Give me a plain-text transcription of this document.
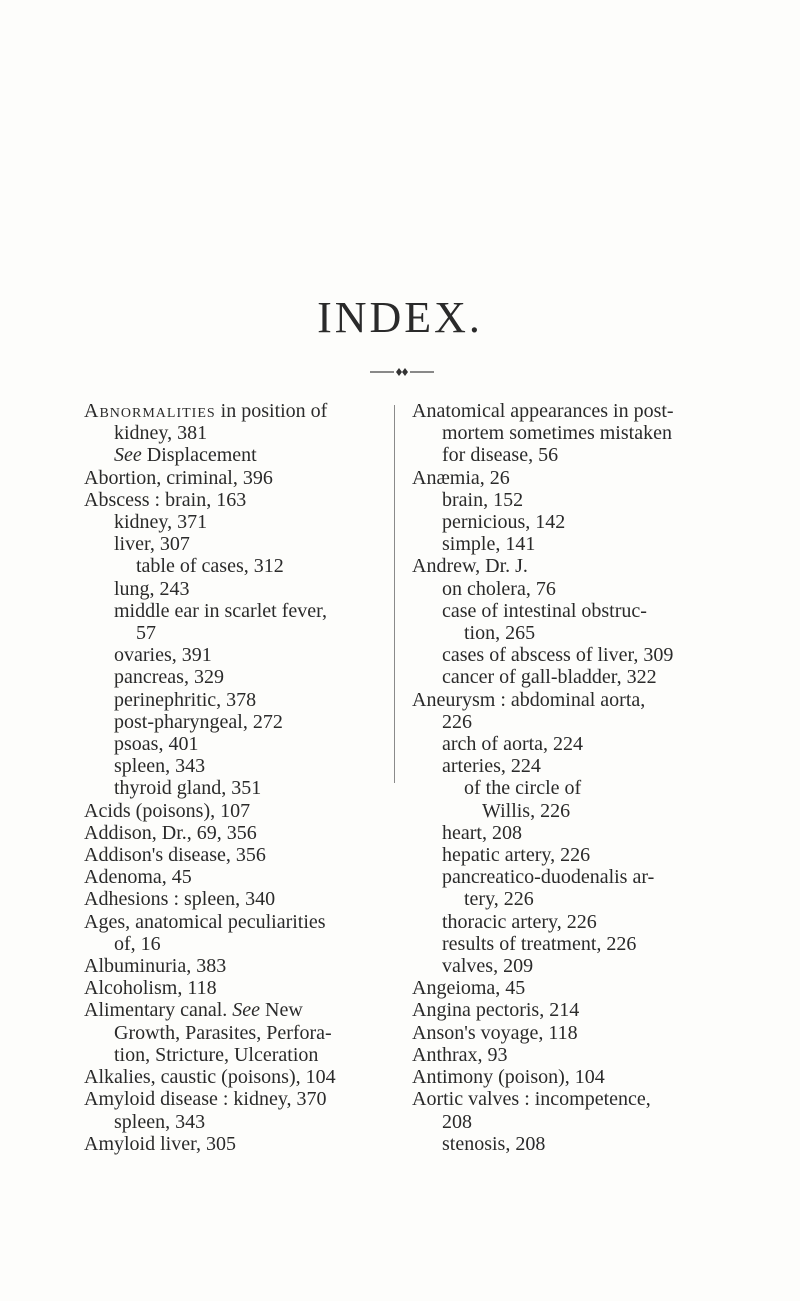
INDEX.
Abnormalities in position of
kidney, 381
See Displacement
Abortion, criminal, 396
Abscess : brain, 163
kidney, 371
liver, 307
table of cases, 312
lung, 243
middle ear in scarlet fever,
57
ovaries, 391
pancreas, 329
perinephritic, 378
post-pharyngeal, 272
psoas, 401
spleen, 343
thyroid gland, 351
Acids (poisons), 107
Addison, Dr., 69, 356
Addison's disease, 356
Adenoma, 45
Adhesions : spleen, 340
Ages, anatomical peculiarities
of, 16
Albuminuria, 383
Alcoholism, 118
Alimentary canal. See New
Growth, Parasites, Perfora-
tion, Stricture, Ulceration
Alkalies, caustic (poisons), 104
Amyloid disease : kidney, 370
spleen, 343
Amyloid liver, 305
Anatomical appearances in post-
mortem sometimes mistaken
for disease, 56
Anæmia, 26
brain, 152
pernicious, 142
simple, 141
Andrew, Dr. J.
on cholera, 76
case of intestinal obstruc-
tion, 265
cases of abscess of liver, 309
cancer of gall-bladder, 322
Aneurysm : abdominal aorta,
226
arch of aorta, 224
arteries, 224
of the circle of
Willis, 226
heart, 208
hepatic artery, 226
pancreatico-duodenalis ar-
tery, 226
thoracic artery, 226
results of treatment, 226
valves, 209
Angeioma, 45
Angina pectoris, 214
Anson's voyage, 118
Anthrax, 93
Antimony (poison), 104
Aortic valves : incompetence,
208
stenosis, 208
